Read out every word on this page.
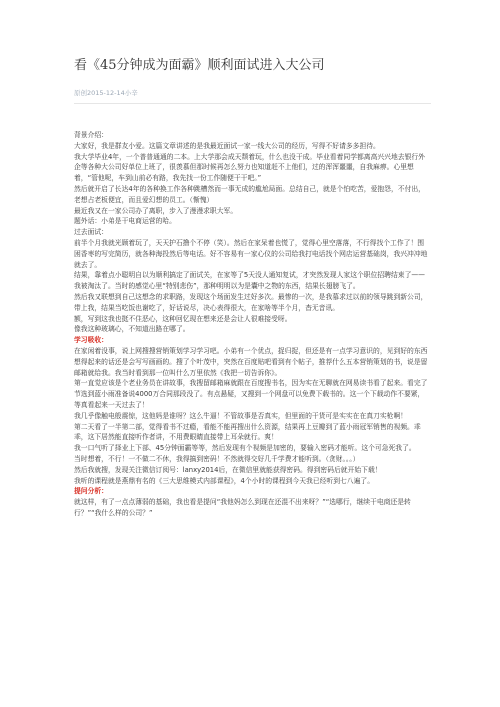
看《45分钟成为面霸》顺利面试进入大公司
原创2015-12-14小辛

背景介绍：

大家好，我是群友小爱。这篇文章讲述的是我最近面试一家一线大公司的经历，写得不好请多多担待。

我大学毕业4年，一个普普通通的二本。上大学那会成天颓着玩，什么也没干成。毕业看着同学都离高兴兴地去银行外企等各种大公司好单位上班了，很羡慕但那时候再怎么努力也知道赶不上他们，过的浑浑噩噩，自我麻痹。心里想着，“管他呢，车到山前必有路，我先找一份工作随便干干吧。”

然后就开启了长达4年的各种换工作各种跳槽然而一事无成的尴尬局面。总结自己，就是个怕吃苦，爱抱怨，不付出，老想占老板便宜，而且爱幻想的员工。（惭愧）

最近我又在一家公司办了离职，步入了漫漫求职大军。

题外话：小弟是干电商运营的哈。

过去面试：

前半个月我就光顾着玩了，天天护石撸个不停（笑）。然后在家呆着也慌了，觉得心里空落落，不行得找个工作了！围困香枣的写完简历，就各种海投然后等电话。好不容易有一家心仪的公司给我打电话找个网店运营基础岗，我兴冲冲地就去了。

结果，靠着点小聪明自以为顺利搞定了面试关，在家等了5天没人通知复试，才突然发现人家这个职位招聘结束了——我被淘汰了。当时的感觉心里“特别悲伤”，那种明明以为是囊中之物的东西，结果长翅膀飞了。

然后我又联想到自己这想念的求职路，发现这个场面发生过好多次。最惨的一次，是我慕求过以前的领导跳到新公司，带上我，结果当吃饭也谢吃了，好话说尽，决心表得很大，在家啥等半个月，杳无音讯。

额，写到这我也挺不住恶心，这种回忆现在想来还是会让人很难接受呀。

像我这种玻璃心，不知道出路在哪了。

学习吸收：

在家闲着没事，说上网搜搜营销策划学习学习吧。小弟有一个优点，捉归捉，但还是有一点学习意识的，见到好的东西想得起来的话还是会写写画画的。搜了个叶茂中，突然在百度贴吧看到有个帖子，推荐什么五本营销策划的书，说是留邮箱就给我。我当时看到那一位叫什么万里依然《我把一切告诉你》。

第一直觉应该是个老业务员在讲故事，我搜留邮箱麻就跟在百度搜书名，因为实在无聊就在网易读书看了起来。看完了节选到蓝小雨准备说4000万合同那段没了。有点悬疑，又搜到一个网盘可以免费下载书的。这一个下载动作不要紧，等真看起来一天过去了！

我几乎像触电般震惊，这他妈是谁呀？这么牛逼！不管故事是否真实，但里面的干货可是实实在在真刀实枪啊！

第二天看了一半第二部，觉得看书不过瘾，看能不能再搜出什么资源，结果再上豆瓣到了蓝小雨冠军销售的视频。乖乖，这下居然能直接听作者讲，不用费眼睛直接带上耳朵就行。爽！

我一口气听了择业上下部、45分钟面霸等等，然后发现有个视频是加密的，要输入密码才能听。这个可急死我了。

当时想着，不行！一不做二不休，我得搞到密码！不然就得交好几千学费才能听到。（贪财。。。）

然后我就搜，发现关注微信订阅号：lanxy2014后，在微信里就能获得密码。得到密码后就开始下载！

我听的课程就是燕鼎有名的《三大思维模式内部课程》，4个小时的课程到今天我已经听到七八遍了。

提问分析：

就这样，有了一点点薄弱的基础，我也看是提问“我他妈怎么到现在还混不出来呀？”“选哪行，继续干电商还是转行？”“我什么样的公司？”
